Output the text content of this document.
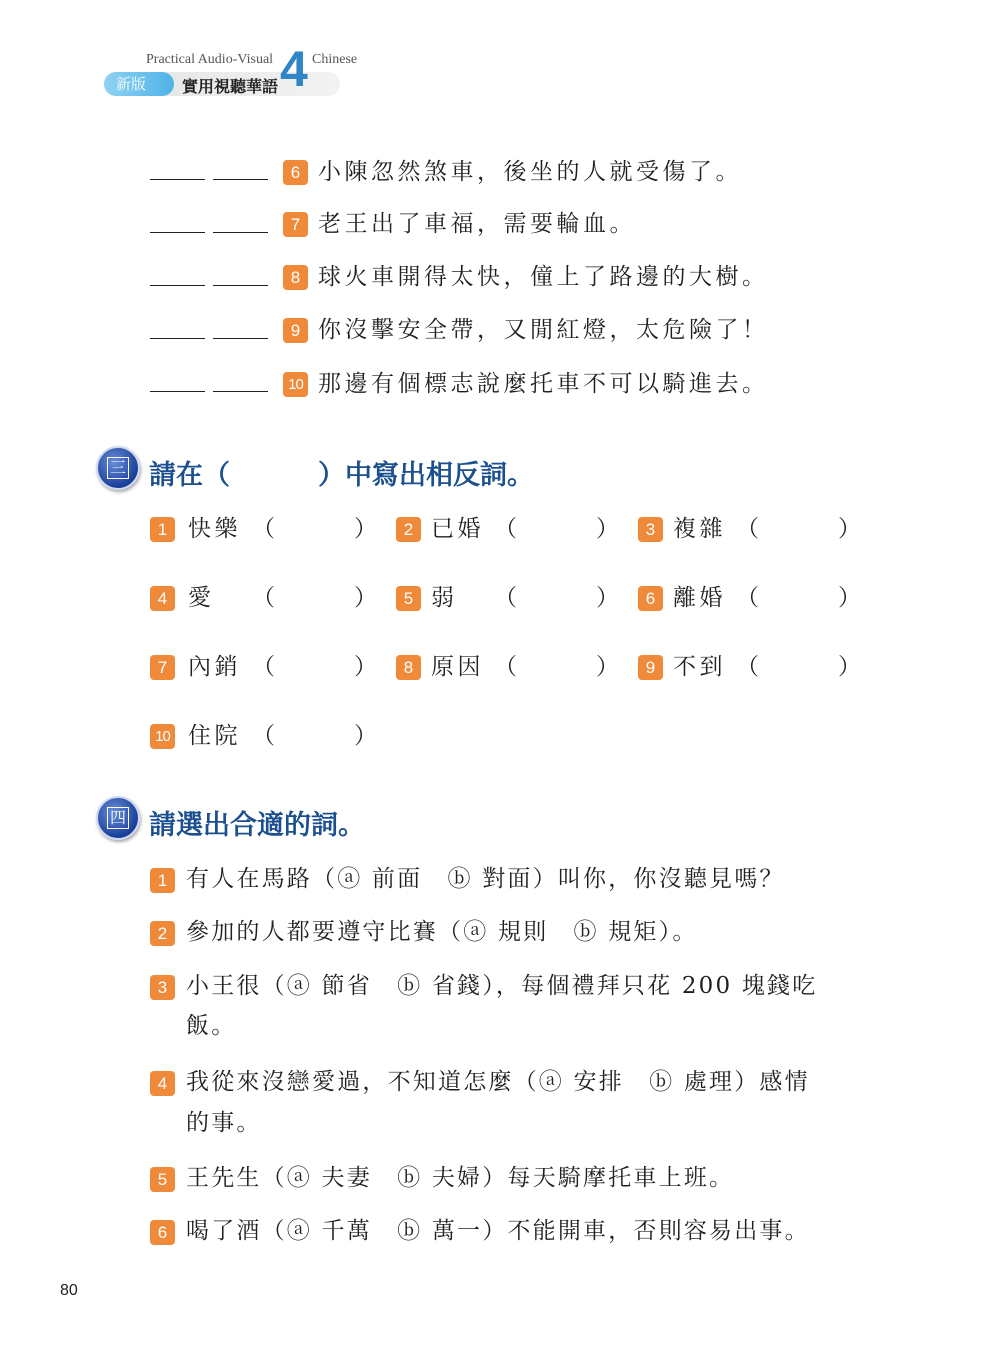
Practical Audio-Visual	Chinese
新版	實用視聽華語 4
6 小陳忽然煞車，後坐的人就受傷了。
7 老王出了車福，需要輪血。
8 球火車開得太快，僮上了路邊的大樹。
9 你沒擊安全帶，又閒紅燈，太危險了！
10 那邊有個標志說麼托車不可以騎進去。
三 請在（	）中寫出相反詞。
1 快樂 （	）	2 已婚 （	）	3 複雜 （	）
4 愛 （	）	5 弱 （	）	6 離婚 （	）
7 內銷 （	）	8 原因 （	）	9 不到 （	）
10 住院 （	）
四 請選出合適的詞。
1 有人在馬路（ⓐ 前面　ⓑ 對面）叫你，你沒聽見嗎？
2 參加的人都要遵守比賽（ⓐ 規則　ⓑ 規矩）。
3 小王很（ⓐ 節省　ⓑ 省錢），每個禮拜只花 200 塊錢吃
飯。
4 我從來沒戀愛過，不知道怎麼（ⓐ 安排　ⓑ 處理）感情
的事。
5 王先生（ⓐ 夫妻　ⓑ 夫婦）每天騎摩托車上班。
6 喝了酒（ⓐ 千萬　ⓑ 萬一）不能開車，否則容易出事。
80
